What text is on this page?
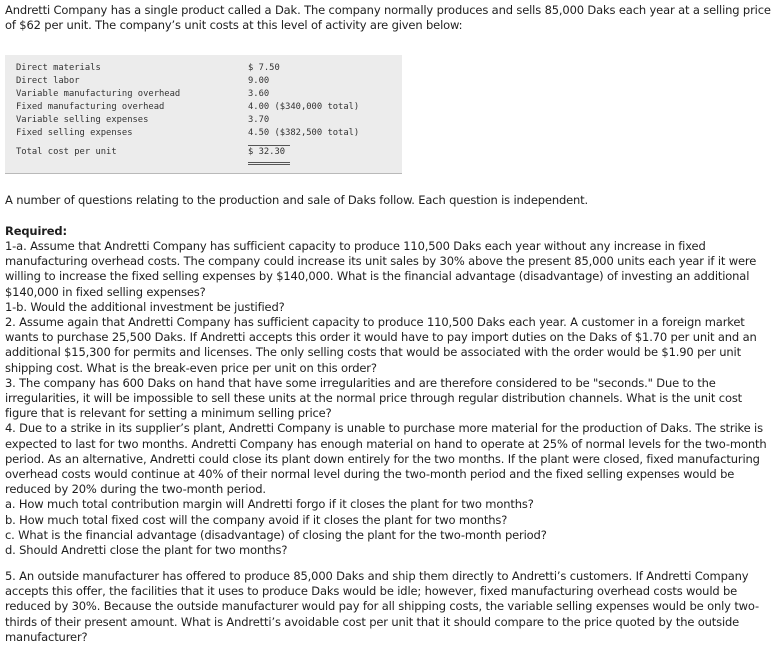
Andretti Company has a single product called a Dak. The company normally produces and sells 85,000 Daks each year at a selling price of $62 per unit. The company’s unit costs at this level of activity are given below:

Direct materials	$ 7.50
Direct labor	9.00
Variable manufacturing overhead	3.60
Fixed manufacturing overhead	4.00 ($340,000 total)
Variable selling expenses	3.70
Fixed selling expenses	4.50 ($382,500 total)
Total cost per unit	$ 32.30

A number of questions relating to the production and sale of Daks follow. Each question is independent.

Required:

1-a. Assume that Andretti Company has sufficient capacity to produce 110,500 Daks each year without any increase in fixed manufacturing overhead costs. The company could increase its unit sales by 30% above the present 85,000 units each year if it were willing to increase the fixed selling expenses by $140,000. What is the financial advantage (disadvantage) of investing an additional $140,000 in fixed selling expenses?
1-b. Would the additional investment be justified?
2. Assume again that Andretti Company has sufficient capacity to produce 110,500 Daks each year. A customer in a foreign market wants to purchase 25,500 Daks. If Andretti accepts this order it would have to pay import duties on the Daks of $1.70 per unit and an additional $15,300 for permits and licenses. The only selling costs that would be associated with the order would be $1.90 per unit shipping cost. What is the break-even price per unit on this order?
3. The company has 600 Daks on hand that have some irregularities and are therefore considered to be "seconds." Due to the irregularities, it will be impossible to sell these units at the normal price through regular distribution channels. What is the unit cost figure that is relevant for setting a minimum selling price?
4. Due to a strike in its supplier’s plant, Andretti Company is unable to purchase more material for the production of Daks. The strike is expected to last for two months. Andretti Company has enough material on hand to operate at 25% of normal levels for the two-month period. As an alternative, Andretti could close its plant down entirely for the two months. If the plant were closed, fixed manufacturing overhead costs would continue at 40% of their normal level during the two-month period and the fixed selling expenses would be reduced by 20% during the two-month period.
a. How much total contribution margin will Andretti forgo if it closes the plant for two months?
b. How much total fixed cost will the company avoid if it closes the plant for two months?
c. What is the financial advantage (disadvantage) of closing the plant for the two-month period?
d. Should Andretti close the plant for two months?

5. An outside manufacturer has offered to produce 85,000 Daks and ship them directly to Andretti’s customers. If Andretti Company accepts this offer, the facilities that it uses to produce Daks would be idle; however, fixed manufacturing overhead costs would be reduced by 30%. Because the outside manufacturer would pay for all shipping costs, the variable selling expenses would be only two-thirds of their present amount. What is Andretti’s avoidable cost per unit that it should compare to the price quoted by the outside manufacturer?
